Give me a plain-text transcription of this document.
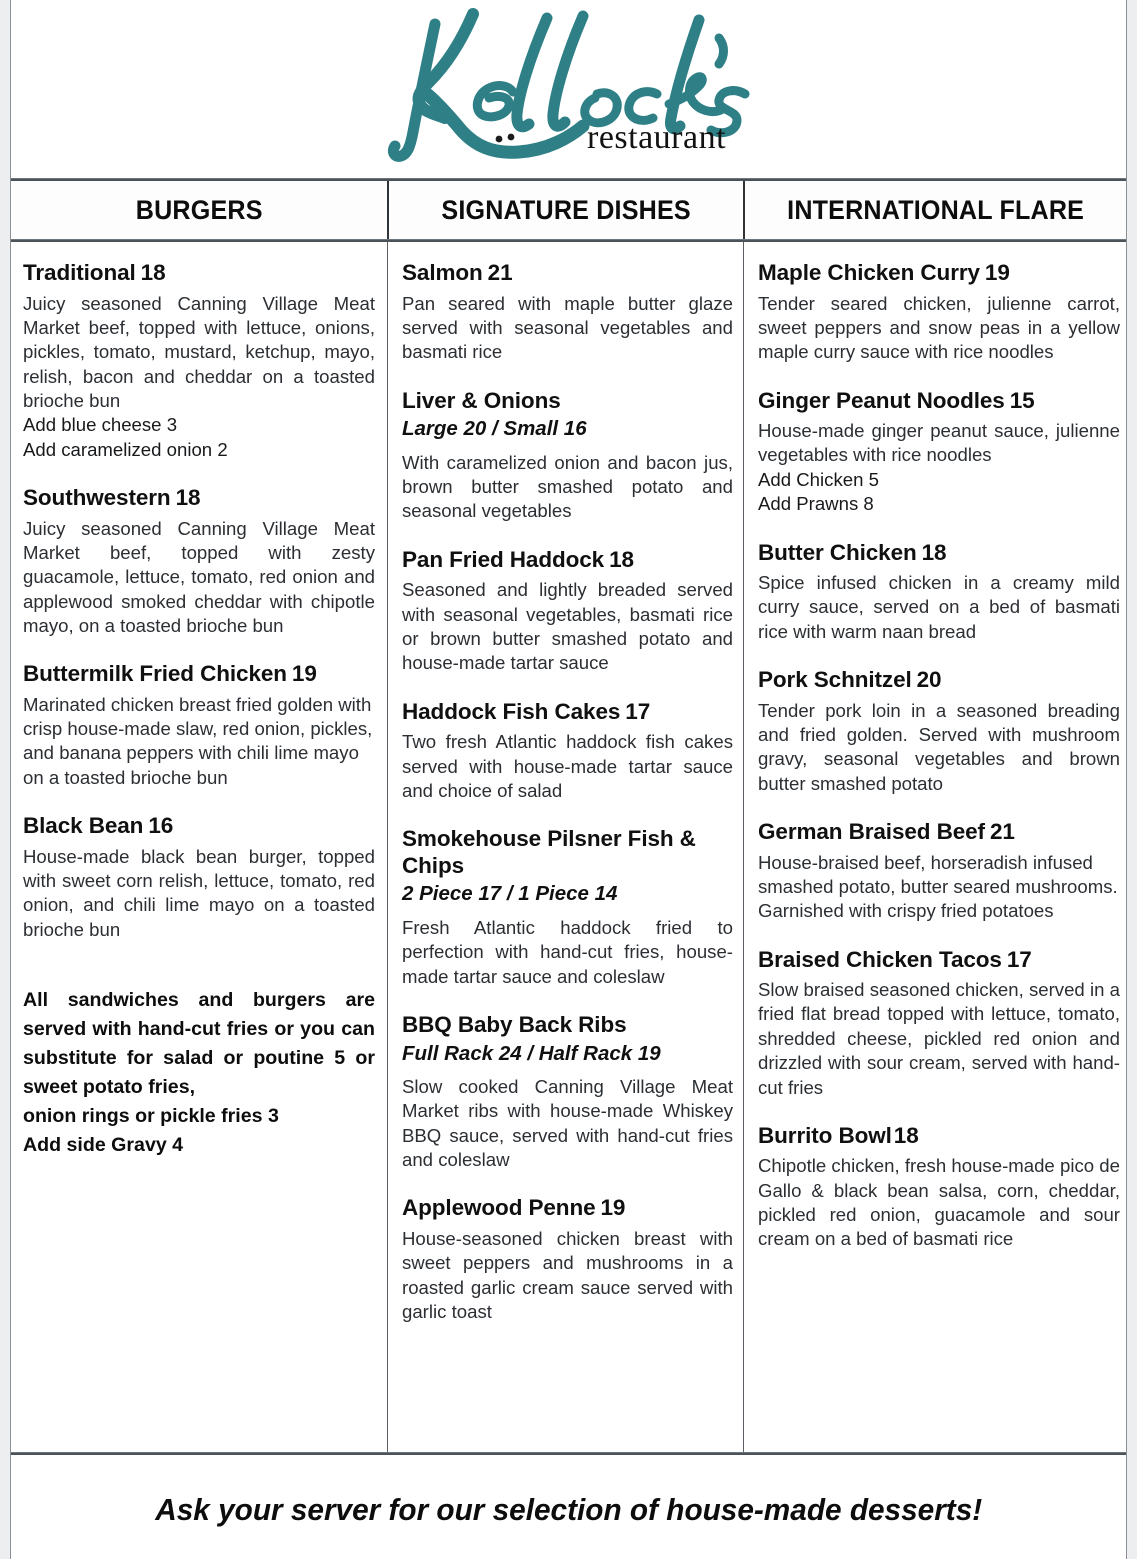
restaurant
BURGERS	SIGNATURE DISHES	INTERNATIONAL FLARE
Traditional 18

Juicy seasoned Canning Village Meat Market beef, topped with lettuce, onions, pickles, tomato, mustard, ketchup, mayo, relish, bacon and cheddar on a toasted brioche bun

Add blue cheese 3

Add caramelized onion 2

Southwestern 18

Juicy seasoned Canning Village Meat Market beef, topped with zesty guacamole, lettuce, tomato, red onion and applewood smoked cheddar with chipotle mayo, on a toasted brioche bun

Buttermilk Fried Chicken 19

Marinated chicken breast fried golden with crisp house-made slaw, red onion, pickles, and banana peppers with chili lime mayo on a toasted brioche bun

Black Bean 16

House-made black bean burger, topped with sweet corn relish, lettuce, tomato, red onion, and chili lime mayo on a toasted brioche bun

All sandwiches and burgers are served with hand-cut fries or you can substitute for salad or poutine 5 or sweet potato fries,
onion rings or pickle fries 3
Add side Gravy 4
Salmon 21

Pan seared with maple butter glaze served with seasonal vegetables and basmati rice

Liver & Onions
Large 20 / Small 16

With caramelized onion and bacon jus, brown butter smashed potato and seasonal vegetables

Pan Fried Haddock 18

Seasoned and lightly breaded served with seasonal vegetables, basmati rice or brown butter smashed potato and house-made tartar sauce

Haddock Fish Cakes 17

Two fresh Atlantic haddock fish cakes served with house-made tartar sauce and choice of salad

Smokehouse Pilsner Fish & Chips
2 Piece 17 / 1 Piece 14

Fresh Atlantic haddock fried to perfection with hand-cut fries, house-made tartar sauce and coleslaw

BBQ Baby Back Ribs
Full Rack 24 / Half Rack 19

Slow cooked Canning Village Meat Market ribs with house-made Whiskey BBQ sauce, served with hand-cut fries and coleslaw

Applewood Penne 19

House-seasoned chicken breast with sweet peppers and mushrooms in a roasted garlic cream sauce served with garlic toast

Maple Chicken Curry 19

Tender seared chicken, julienne carrot, sweet peppers and snow peas in a yellow maple curry sauce with rice noodles

Ginger Peanut Noodles 15

House-made ginger peanut sauce, julienne vegetables with rice noodles

Add Chicken 5

Add Prawns 8

Butter Chicken 18

Spice infused chicken in a creamy mild curry sauce, served on a bed of basmati rice with warm naan bread

Pork Schnitzel 20

Tender pork loin in a seasoned breading and fried golden. Served with mushroom gravy, seasonal vegetables and brown butter smashed potato

German Braised Beef 21

House-braised beef, horseradish infused smashed potato, butter seared mushrooms. Garnished with crispy fried potatoes

Braised Chicken Tacos 17

Slow braised seasoned chicken, served in a fried flat bread topped with lettuce, tomato, shredded cheese, pickled red onion and drizzled with sour cream, served with hand-cut fries

Burrito Bowl18

Chipotle chicken, fresh house-made pico de Gallo & black bean salsa, corn, cheddar, pickled red onion, guacamole and sour cream on a bed of basmati rice

Ask your server for our selection of house-made desserts!
